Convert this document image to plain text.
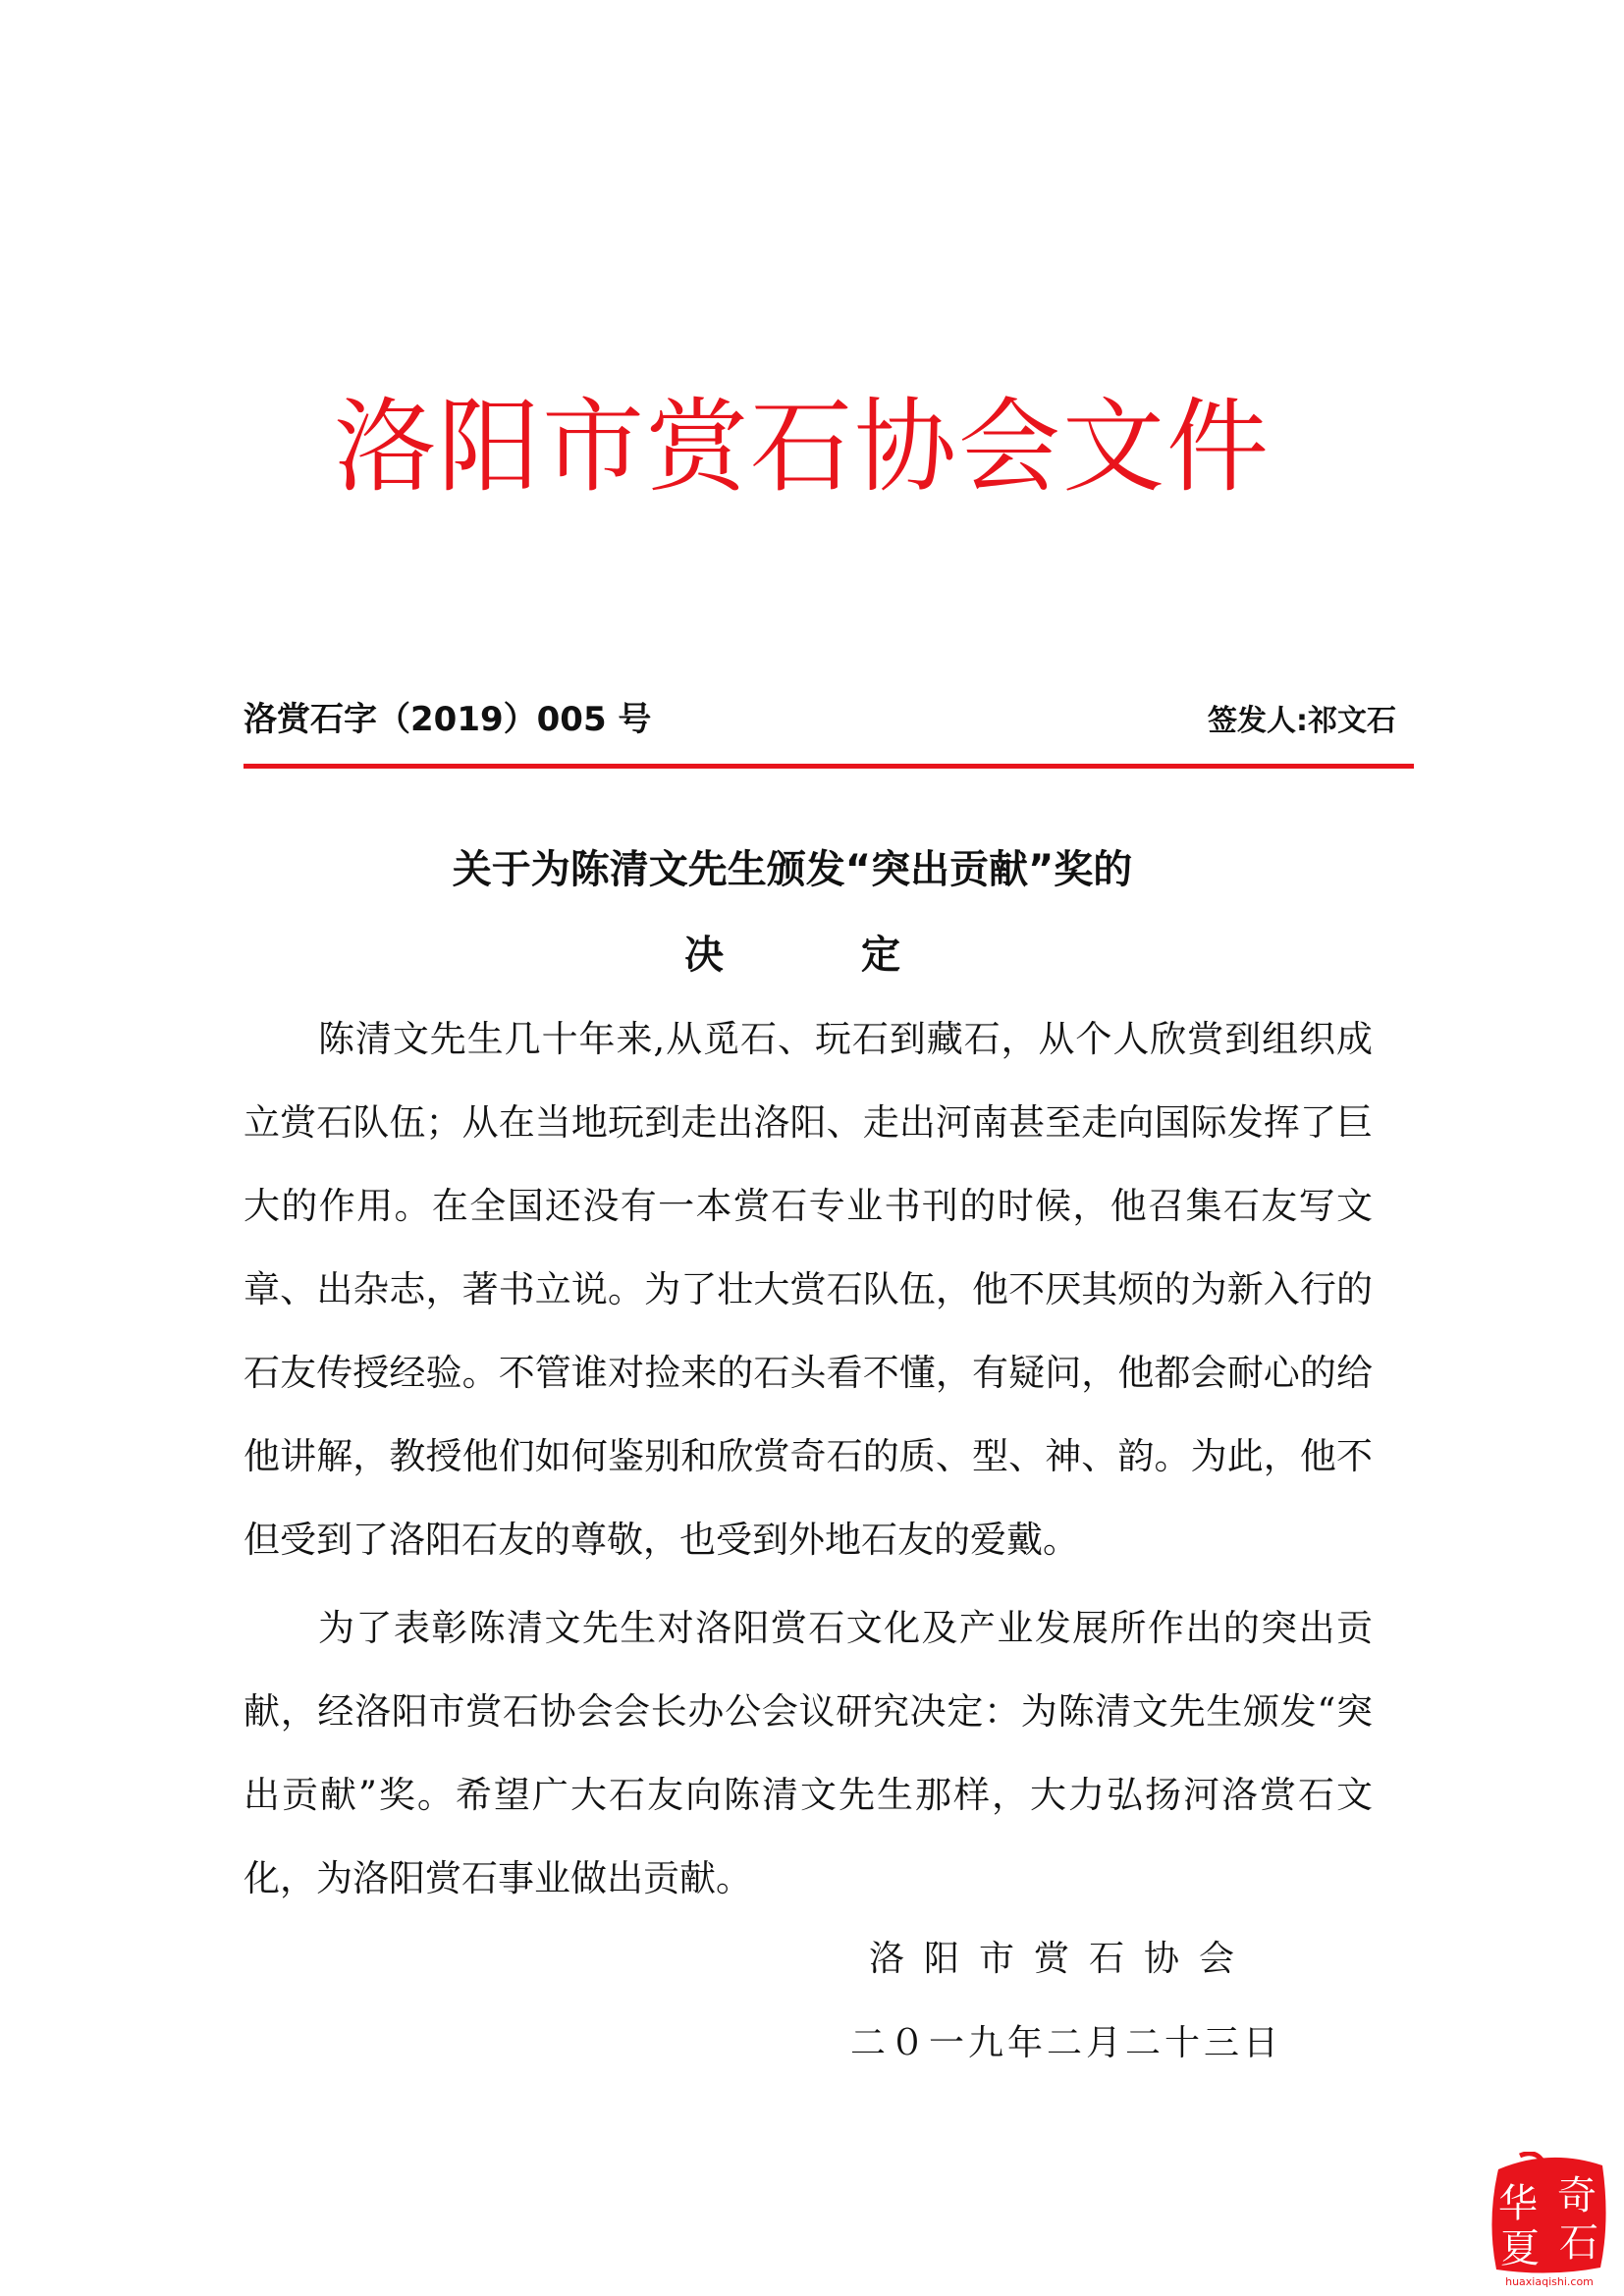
洛阳市赏石协会文件
洛赏石字（2019）005 号	签发人:祁文石
关于为陈清文先生颁发“突出贡献”奖的
决定
陈清文先生几十年来,从觅石、玩石到藏石，从个人欣赏到组织成立赏石队伍；从在当地玩到走出洛阳、走出河南甚至走向国际发挥了巨大的作用。在全国还没有一本赏石专业书刊的时候，他召集石友写文章、出杂志，著书立说。为了壮大赏石队伍，他不厌其烦的为新入行的石友传授经验。不管谁对捡来的石头看不懂，有疑问，他都会耐心的给他讲解，教授他们如何鉴别和欣赏奇石的质、型、神、韵。为此，他不但受到了洛阳石友的尊敬，也受到外地石友的爱戴。
为了表彰陈清文先生对洛阳赏石文化及产业发展所作出的突出贡献，经洛阳市赏石协会会长办公会议研究决定：为陈清文先生颁发“突出贡献”奖。希望广大石友向陈清文先生那样，大力弘扬河洛赏石文化，为洛阳赏石事业做出贡献。
洛阳市赏石协会
二０一九年二月二十三日
华 奇
夏 石
huaxiaqishi.com
